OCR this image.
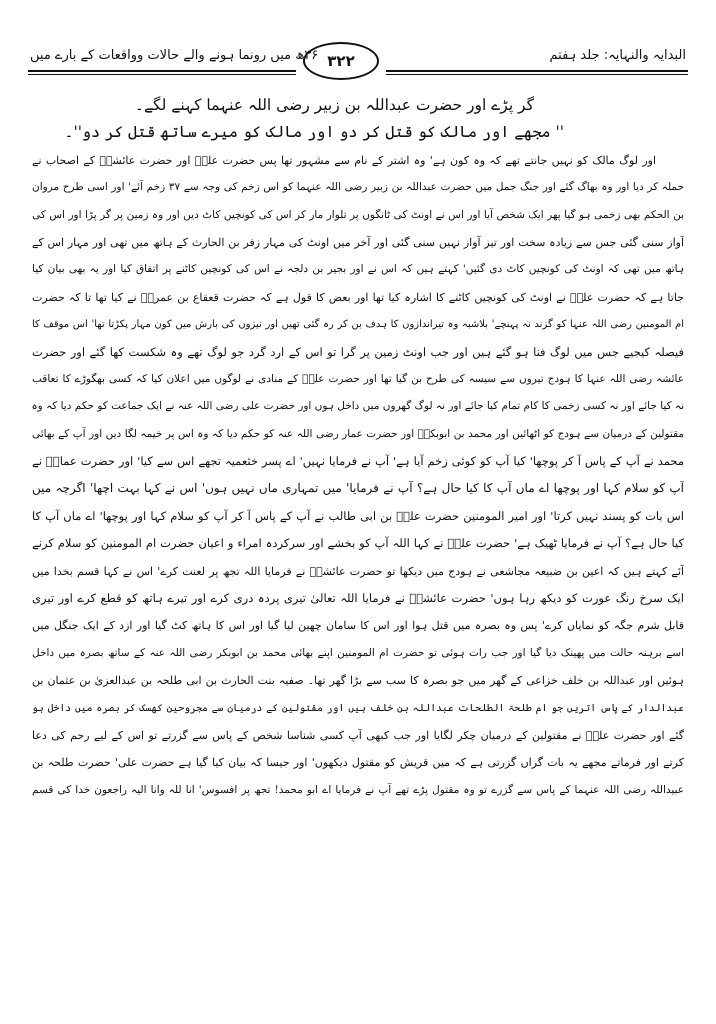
البدایہ والنہایہ: جلد ہفتم
۳۲۲
۳۶ھ میں رونما ہونے والے حالات وواقعات کے بارے میں
گر پڑے اور حضرت عبداللہ بن زبیر رضی اللہ عنہما کہنے لگے۔
'' مجھے اور مالک کو قتل کر دو اور مالک کو میرے ساتھ قتل کر دو''۔
اور لوگ مالک کو نہیں جانتے تھے کہ وہ کون ہے' وہ اشتر کے نام سے مشہور تھا پس حضرت علیؓ اور حضرت عائشہؓ کے اصحاب نے
حملہ کر دیا اور وہ بھاگ گئے اور جنگ جمل میں حضرت عبداللہ بن زبیر رضی اللہ عنہما کو اس زخم کی وجہ سے ۳۷ زخم آئے' اور اسی طرح مروان
بن الحکم بھی زخمی ہو گیا پھر ایک شخص آیا اور اس نے اونٹ کی ٹانگوں پر تلوار مار کر اس کی کونچیں کاٹ دیں اور وہ زمین پر گر پڑا اور اس کی
آواز سنی گئی جس سے زیادہ سخت اور تیز آواز نہیں سنی گئی اور آخر میں اونٹ کی مہار زفر بن الحارث کے ہاتھ میں تھی اور مہار اس کے
ہاتھ میں تھی کہ اونٹ کی کونچیں کاٹ دی گئیں' کہتے ہیں کہ اس نے اور بجیر بن دلجہ نے اس کی کونچیں کاٹنے پر اتفاق کیا اور یہ بھی بیان کیا
جاتا ہے کہ حضرت علیؓ نے اونٹ کی کونچیں کاٹنے کا اشارہ کیا تھا اور بعض کا قول ہے کہ حضرت قعقاع بن عمروؓ نے کیا تھا تا کہ حضرت
ام المومنین رضی اللہ عنہا کو گزند نہ پہنچے' بلاشبہ وہ تیراندازوں کا ہدف بن کر رہ گئی تھیں اور نیزوں کی بارش میں کون مہار پکڑتا تھا' اس موقف کا
فیصلہ کیجیے جس میں لوگ فنا ہو گئے ہیں اور جب اونٹ زمین پر گرا تو اس کے ارد گرد جو لوگ تھے وہ شکست کھا گئے اور حضرت
عائشہ رضی اللہ عنہا کا ہودج تیروں سے سیسہ کی طرح بن گیا تھا اور حضرت علیؓ کے منادی نے لوگوں میں اعلان کیا کہ کسی بھگوڑے کا تعاقب
نہ کیا جائے اور نہ کسی زخمی کا کام تمام کیا جائے اور نہ لوگ گھروں میں داخل ہوں اور حضرت علی رضی اللہ عنہ نے ایک جماعت کو حکم دیا کہ وہ
مقتولین کے درمیان سے ہودج کو اٹھائیں اور محمد بن ابوبکرؓ اور حضرت عمار رضی اللہ عنہ کو حکم دیا کہ وہ اس پر خیمہ لگا دیں اور آپ کے بھائی
محمد نے آپ کے پاس آ کر پوچھا' کیا آپ کو کوئی زخم آیا ہے' آپ نے فرمایا نہیں' اے پسر خثعمیہ تجھے اس سے کیا' اور حضرت عمارؓ نے
آپ کو سلام کہا اور پوچھا اے ماں آپ کا کیا حال ہے؟ آپ نے فرمایا' میں تمہاری ماں نہیں ہوں' اس نے کہا بہت اچھا' اگرچہ میں
اس بات کو پسند نہیں کرتا' اور امیر المومنین حضرت علیؓ بن ابی طالب نے آپ کے پاس آ کر آپ کو سلام کہا اور پوچھا' اے ماں آپ کا
کیا حال ہے؟ آپ نے فرمایا ٹھیک ہے' حضرت علیؓ نے کہا اللہ آپ کو بخشے اور سرکردہ امراء و اعیان حضرت ام المومنین کو سلام کرنے
آئے کہتے ہیں کہ اعین بن ضبیعہ مجاشعی نے ہودج میں دیکھا تو حضرت عائشہؓ نے فرمایا اللہ تجھ پر لعنت کرے' اس نے کہا قسم بخدا میں
ایک سرخ رنگ عورت کو دیکھ رہا ہوں' حضرت عائشہؓ نے فرمایا اللہ تعالیٰ تیری پردہ دری کرے اور تیرے ہاتھ کو قطع کرے اور تیری
قابل شرم جگہ کو نمایاں کرے' پس وہ بصرہ میں قتل ہوا اور اس کا سامان چھین لیا گیا اور اس کا ہاتھ کٹ گیا اور ازد کے ایک جنگل میں
اسے برہنہ حالت میں پھینک دیا گیا اور جب رات ہوئی تو حضرت ام المومنین اپنے بھائی محمد بن ابوبکر رضی اللہ عنہ کے ساتھ بصرہ میں داخل
ہوئیں اور عبداللہ بن خلف خزاعی کے گھر میں جو بصرہ کا سب سے بڑا گھر تھا۔ صفیہ بنت الحارث بن ابی طلحہ بن عبدالعزیٰ بن عثمان بن
عبدالدار کے پاس اتریں جو ام طلحۃ الطلحات عبداللہ بن خلف ہیں اور مقتولین کے درمیان سے مجروحین کھسک کر بصرہ میں داخل ہو
گئے اور حضرت علیؓ نے مقتولین کے درمیان چکر لگایا اور جب کبھی آپ کسی شناسا شخص کے پاس سے گزرتے تو اس کے لیے رحم کی دعا
کرتے اور فرماتے مجھے یہ بات گراں گزرتی ہے کہ میں قریش کو مقتول دیکھوں' اور جیسا کہ بیان کیا گیا ہے حضرت علی' حضرت طلحہ بن
عبیداللہ رضی اللہ عنہما کے پاس سے گزرے تو وہ مقتول پڑے تھے آپ نے فرمایا اے ابو محمد! تجھ پر افسوس' انا للہ وانا الیہ راجعون خدا کی قسم
